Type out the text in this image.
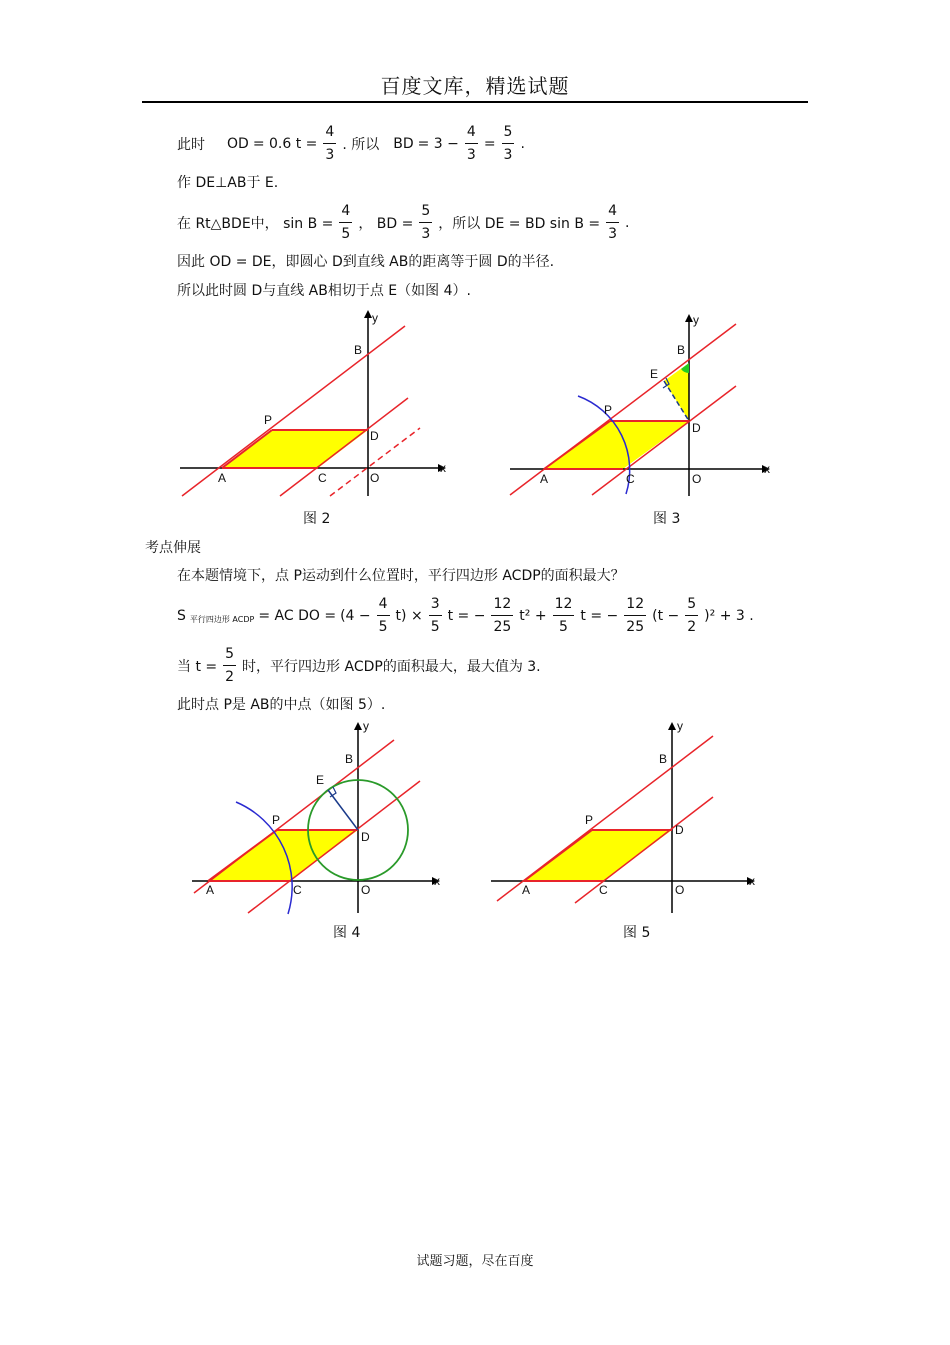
百度文库，精选试题
此时 OD = 0.6 $t = \frac{4}{3}$ . 所以 BD = $3 - \frac{4}{3} = \frac{5}{3}$ .
作 DE⊥AB于 E.
在 Rt△BDE中， $\sin B = \frac{4}{5}$ ， BD = $\frac{5}{3}$ ，所以 DE = BD $\sin B = \frac{4}{3}$ .
因此 OD = DE，即圆心 D到直线 AB的距离等于圆 D的半径.
所以此时圆 D与直线 AB相切于点 E（如图 4）.
y
x
B
P
D
A	C	O
图 2
y
x
B
E
P
D
A	C	O
图 3
考点伸展
在本题情境下，点 P运动到什么位置时，平行四边形 ACDP的面积最大？
S 平行四边形 ACDP = AC DO = $(4 - \frac{4}{5} t) \times \frac{3}{5}$ t = − $\frac{12}{25} t^2 + \frac{12}{5}$ t = − $\frac{12}{25} (t - \frac{5}{2} )^2 + 3$ .
当 $t = \frac{5}{2}$ 时，平行四边形 ACDP的面积最大，最大值为 3.
此时点 P是 AB的中点（如图 5）.
y
x
B
E
P
D
A	C	O
图 4
y
x
B
P
D
A	C	O
图 5
试题习题，尽在百度
